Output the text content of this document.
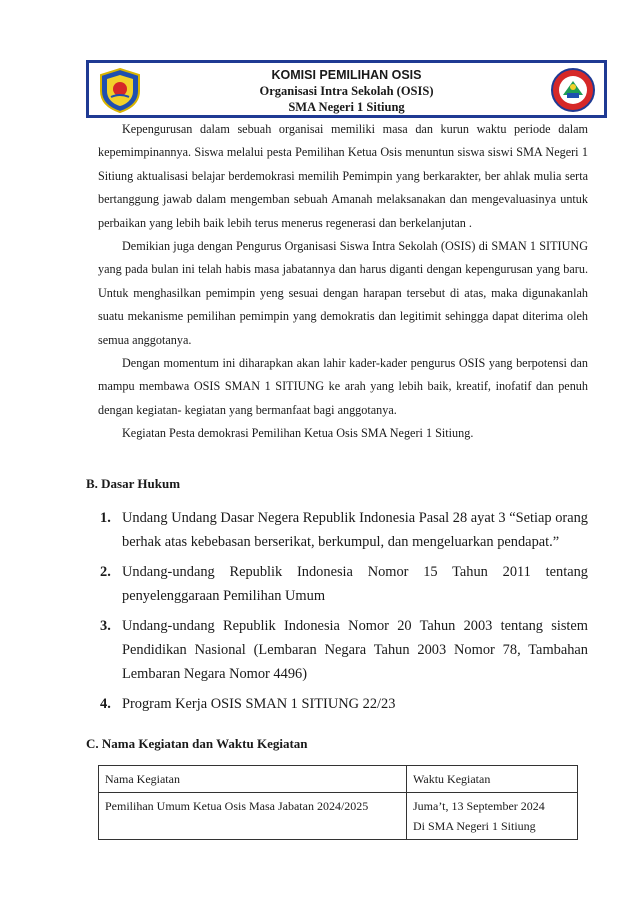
KOMISI PEMILIHAN OSIS
Organisasi Intra Sekolah (OSIS)
SMA Negeri 1 Sitiung

Kepengurusan dalam sebuah organisai memiliki masa dan kurun waktu periode dalam kepemimpinannya. Siswa melalui pesta Pemilihan Ketua Osis menuntun siswa siswi SMA Negeri 1 Sitiung aktualisasi belajar berdemokrasi memilih Pemimpin yang berkarakter, ber ahlak mulia serta bertanggung jawab dalam mengemban sebuah Amanah melaksanakan dan mengevaluasinya untuk perbaikan yang lebih baik lebih terus menerus regenerasi dan berkelanjutan .

Demikian juga dengan Pengurus Organisasi Siswa Intra Sekolah (OSIS) di SMAN 1 SITIUNG yang pada bulan ini telah habis masa jabatannya dan harus diganti dengan kepengurusan yang baru. Untuk menghasilkan pemimpin yeng sesuai dengan harapan tersebut di atas, maka digunakanlah suatu mekanisme pemilihan pemimpin yang demokratis dan legitimit sehingga dapat diterima oleh semua anggotanya.

Dengan momentum ini diharapkan akan lahir kader-kader pengurus OSIS yang berpotensi dan mampu membawa OSIS SMAN 1 SITIUNG ke arah yang lebih baik, kreatif, inofatif dan penuh dengan kegiatan- kegiatan yang bermanfaat bagi anggotanya.

Kegiatan Pesta demokrasi Pemilihan Ketua Osis SMA Negeri 1 Sitiung.

B. Dasar Hukum
1. Undang Undang Dasar Negera Republik Indonesia Pasal 28 ayat 3 “Setiap orang berhak atas kebebasan berserikat, berkumpul, dan mengeluarkan pendapat.”
2. Undang-undang Republik Indonesia Nomor 15 Tahun 2011 tentang penyelenggaraan Pemilihan Umum
3. Undang-undang Republik Indonesia Nomor 20 Tahun 2003 tentang sistem Pendidikan Nasional (Lembaran Negara Tahun 2003 Nomor 78, Tambahan Lembaran Negara Nomor 4496)
4. Program Kerja OSIS SMAN 1 SITIUNG 22/23
C. Nama Kegiatan dan Waktu Kegiatan
Nama Kegiatan	Waktu Kegiatan
Pemilihan Umum Ketua Osis Masa Jabatan 2024/2025	Juma’t, 13 September 2024
Di SMA Negeri 1 Sitiung
